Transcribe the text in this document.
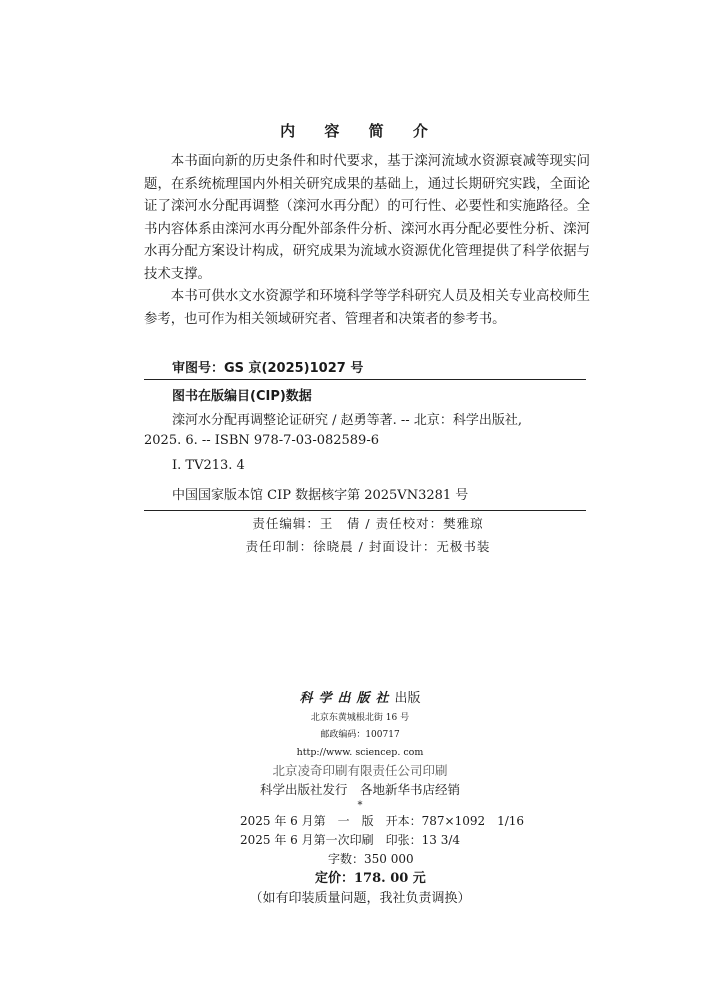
内 容 简 介

本书面向新的历史条件和时代要求，基于滦河流域水资源衰减等现实问题，在系统梳理国内外相关研究成果的基础上，通过长期研究实践，全面论证了滦河水分配再调整（滦河水再分配）的可行性、必要性和实施路径。全书内容体系由滦河水再分配外部条件分析、滦河水再分配必要性分析、滦河水再分配方案设计构成，研究成果为流域水资源优化管理提供了科学依据与技术支撑。

本书可供水文水资源学和环境科学等学科研究人员及相关专业高校师生参考，也可作为相关领域研究者、管理者和决策者的参考书。

审图号：GS 京(2025)1027 号
图书在版编目(CIP)数据
滦河水分配再调整论证研究 / 赵勇等著. -- 北京：科学出版社,
2025. 6. -- ISBN 978-7-03-082589-6
Ⅰ. TV213. 4
中国国家版本馆 CIP 数据核字第 2025VN3281 号
责任编辑：王　倩 / 责任校对：樊雅琼
责任印制：徐晓晨 / 封面设计：无极书装
科学出版社出版
北京东黄城根北街 16 号
邮政编码：100717
http://www. sciencep. com
北京凌奇印刷有限责任公司印刷
科学出版社发行　各地新华书店经销
*
2025 年 6 月第　一　版　开本：787×1092　1/16
2025 年 6 月第一次印刷　印张：13 3/4
字数：350 000
定价：178. 00 元
（如有印装质量问题，我社负责调换）
